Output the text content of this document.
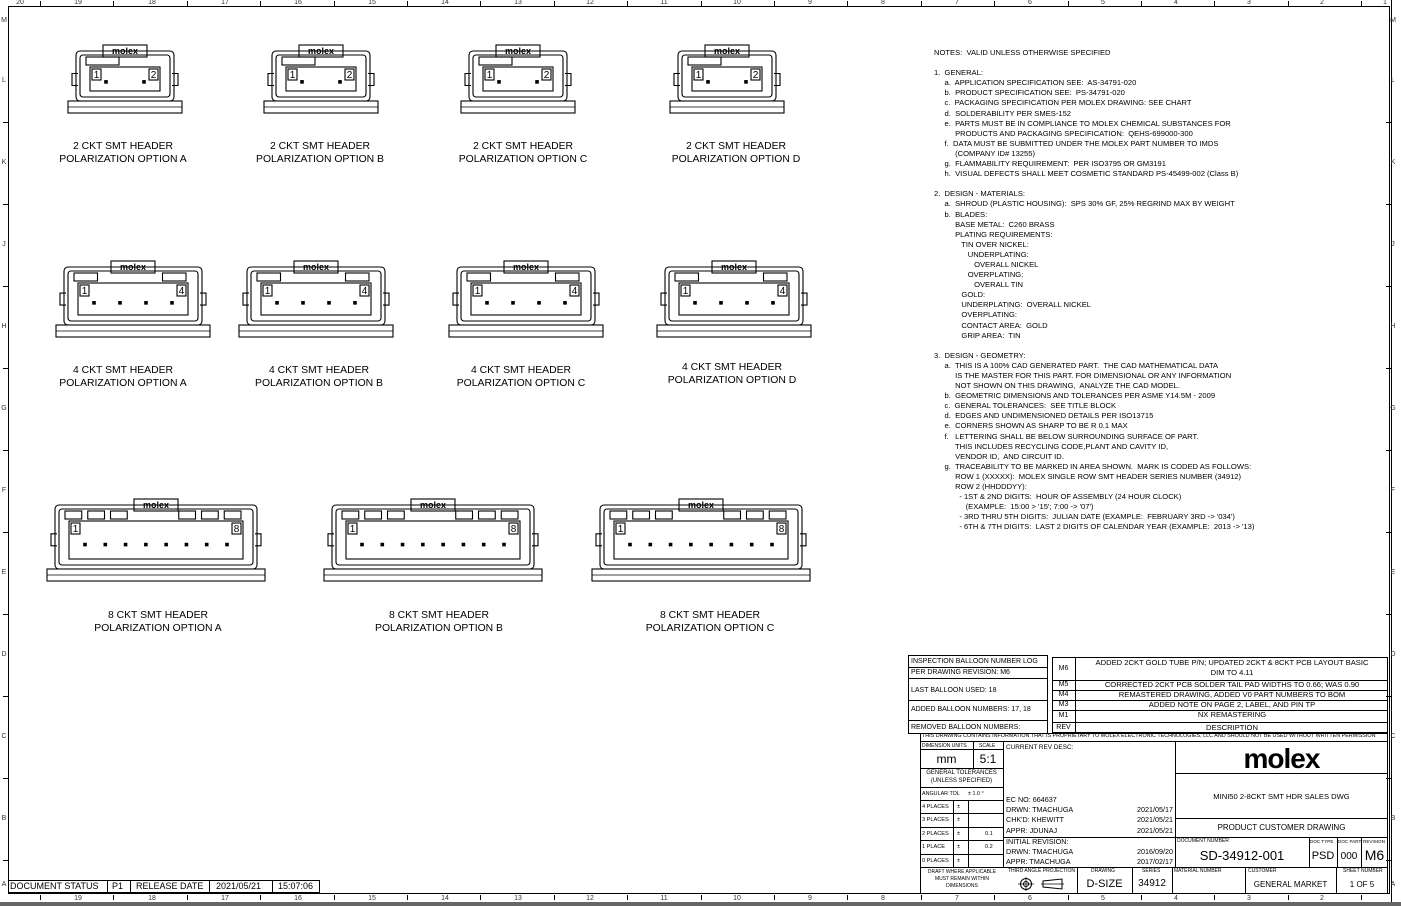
20	19	18	17	16	15	14	13	12	11	10	9	8	7	6	5	4	3	2	1
19	18	17	16	15	14	13	12	11	10	9	8	7	6	5	4	3	2
M	M
L	L
K	K
J	J
H	H
G	G
F	F
E	E
D	D
C	C
B	B
A	A
molex
1	2
2 CKT SMT HEADER
POLARIZATION OPTION A
molex
1	2
2 CKT SMT HEADER
POLARIZATION OPTION B
molex
1	2
2 CKT SMT HEADER
POLARIZATION OPTION C
molex
1	2
2 CKT SMT HEADER
POLARIZATION OPTION D
molex
1	4
4 CKT SMT HEADER
POLARIZATION OPTION A
molex
1	4
4 CKT SMT HEADER
POLARIZATION OPTION B
molex
1	4
4 CKT SMT HEADER
POLARIZATION OPTION C
molex
1	4
4 CKT SMT HEADER
POLARIZATION OPTION D
molex
1	8
8 CKT SMT HEADER
POLARIZATION OPTION A
molex
1	8
8 CKT SMT HEADER
POLARIZATION OPTION B
molex
1	8
8 CKT SMT HEADER
POLARIZATION OPTION C
NOTES:  VALID UNLESS OTHERWISE SPECIFIED

1.  GENERAL:
a.  APPLICATION SPECIFICATION SEE:  AS-34791-020
b.  PRODUCT SPECIFICATION SEE:  PS-34791-020
c.  PACKAGING SPECIFICATION PER MOLEX DRAWING: SEE CHART
d.  SOLDERABILITY PER SMES-152
e.  PARTS MUST BE IN COMPLIANCE TO MOLEX CHEMICAL SUBSTANCES FOR
PRODUCTS AND PACKAGING SPECIFICATION:  QEHS-699000-300
f.  DATA MUST BE SUBMITTED UNDER THE MOLEX PART NUMBER TO IMDS
(COMPANY ID# 13255)
g.  FLAMMABILITY REQUIREMENT:  PER ISO3795 OR GM3191
h.  VISUAL DEFECTS SHALL MEET COSMETIC STANDARD PS-45499-002 (Class B)

2.  DESIGN - MATERIALS:
a.  SHROUD (PLASTIC HOUSING):  SPS 30% GF, 25% REGRIND MAX BY WEIGHT
b.  BLADES:
BASE METAL:  C260 BRASS
PLATING REQUIREMENTS:
TIN OVER NICKEL:
UNDERPLATING:
OVERALL NICKEL
OVERPLATING:
OVERALL TIN
GOLD:
UNDERPLATING:  OVERALL NICKEL
OVERPLATING:
CONTACT AREA:  GOLD
GRIP AREA:  TIN

3.  DESIGN - GEOMETRY:
a.  THIS IS A 100% CAD GENERATED PART.  THE CAD MATHEMATICAL DATA
IS THE MASTER FOR THIS PART. FOR DIMENSIONAL OR ANY INFORMATION
NOT SHOWN ON THIS DRAWING,  ANALYZE THE CAD MODEL.
b.  GEOMETRIC DIMENSIONS AND TOLERANCES PER ASME Y14.5M - 2009
c.  GENERAL TOLERANCES:  SEE TITLE BLOCK
d.  EDGES AND UNDIMENSIONED DETAILS PER ISO13715
e.  CORNERS SHOWN AS SHARP TO BE R 0.1 MAX
f.   LETTERING SHALL BE BELOW SURROUNDING SURFACE OF PART.
THIS INCLUDES RECYCLING CODE,PLANT AND CAVITY ID,
VENDOR ID,  AND CIRCUIT ID.
g.  TRACEABILITY TO BE MARKED IN AREA SHOWN.  MARK IS CODED AS FOLLOWS:
ROW 1 (XXXXX):  MOLEX SINGLE ROW SMT HEADER SERIES NUMBER (34912)
ROW 2 (HHDDDYY):
- 1ST & 2ND DIGITS:  HOUR OF ASSEMBLY (24 HOUR CLOCK)
(EXAMPLE:  15:00 > '15'; 7:00 -> '07')
- 3RD THRU 5TH DIGITS:  JULIAN DATE (EXAMPLE:  FEBRUARY 3RD -> '034')
- 6TH & 7TH DIGITS:  LAST 2 DIGITS OF CALENDAR YEAR (EXAMPLE:  2013 -> '13)
INSPECTION BALLOON NUMBER LOG
PER DRAWING REVISION: M6
LAST BALLOON USED: 18
ADDED BALLOON NUMBERS: 17, 18
REMOVED BALLOON NUMBERS:
M6
ADDED 2CKT GOLD TUBE P/N; UPDATED 2CKT & 8CKT PCB LAYOUT BASIC
DIM TO 4.11
M5	CORRECTED 2CKT PCB SOLDER TAIL PAD WIDTHS TO 0.66; WAS 0.90
M4	REMASTERED DRAWING, ADDED V0 PART NUMBERS TO BOM
M3	ADDED NOTE ON PAGE 2, LABEL, AND PIN TP
M1	NX REMASTERING
REV	DESCRIPTION
THIS DRAWING CONTAINS INFORMATION THAT IS PROPRIETARY TO MOLEX ELECTRONIC TECHNOLOGIES, LLC AND SHOULD NOT BE USED WITHOUT WRITTEN PERMISSION
DIMENSION UNITS SCALE
mm	5:1
GENERAL TOLERANCES
(UNLESS SPECIFIED)
ANGULAR TOL ± 1.0 °
4 PLACES ±
3 PLACES ±
2 PLACES ±	0.1
1 PLACE ±	0.2
0 PLACES ±
DRAFT WHERE APPLICABLE MUST REMAIN WITHIN DIMENSIONS
CURRENT REV DESC:
EC NO: 664637
DRWN: TMACHUGA	2021/05/17
CHK'D: KHEWITT	2021/05/21
APPR: JDUNAJ	2021/05/21
INITIAL REVISION:
DRWN: TMACHUGA	2016/09/20
APPR: TMACHUGA	2017/02/17
molex
MINI50 2-8CKT SMT HDR SALES DWG
PRODUCT CUSTOMER DRAWING
DOCUMENT NUMBER
SD-34912-001
DOC TYPE DOC PART REVISION
PSD 000 M6
THIRD ANGLE PROJECTION	DRAWING
D-SIZE
SERIES
34912
MATERIAL NUMBER	CUSTOMER
GENERAL MARKET
SHEET NUMBER
1 OF 5
DOCUMENT STATUS P1 RELEASE DATE 2021/05/21 15:07:06
